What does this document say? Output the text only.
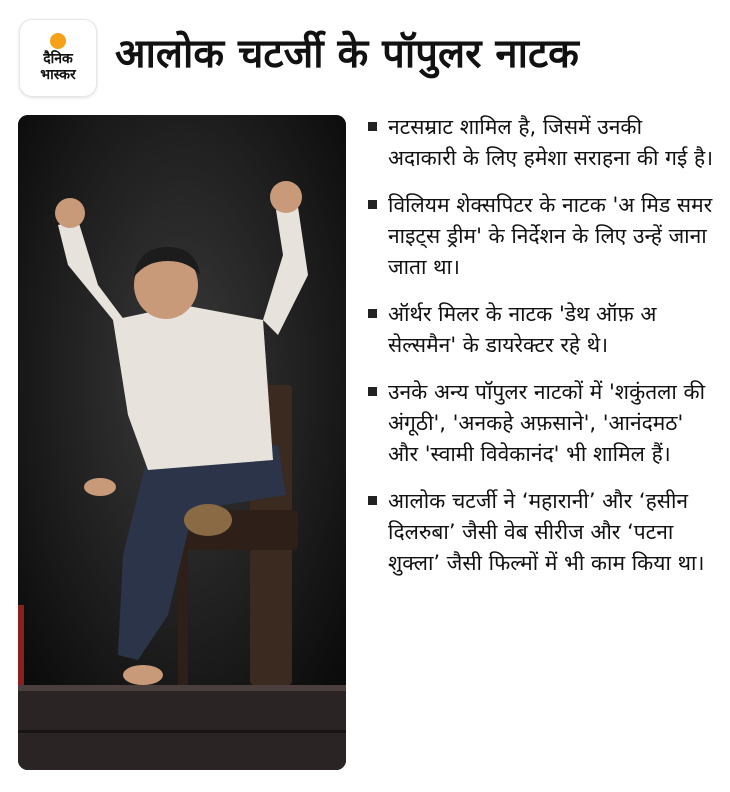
दैनिक
भास्कर आलोक चटर्जी के पॉपुलर नाटक
नटसम्राट शामिल है, जिसमें उनकी अदाकारी के लिए हमेशा सराहना की गई है।
विलियम शेक्सपिटर के नाटक 'अ मिड समर नाइट्स ड्रीम' के निर्देशन के लिए उन्हें जाना जाता था।
ऑर्थर मिलर के नाटक 'डेथ ऑफ़ अ सेल्समैन' के डायरेक्टर रहे थे।
उनके अन्य पॉपुलर नाटकों में 'शकुंतला की अंगूठी', 'अनकहे अफ़साने', 'आनंदमठ' और 'स्वामी विवेकानंद' भी शामिल हैं।
आलोक चटर्जी ने ‘महारानी’ और ‘हसीन दिलरुबा’ जैसी वेब सीरीज और ‘पटना शुक्ला’ जैसी फिल्मों में भी काम किया था।
